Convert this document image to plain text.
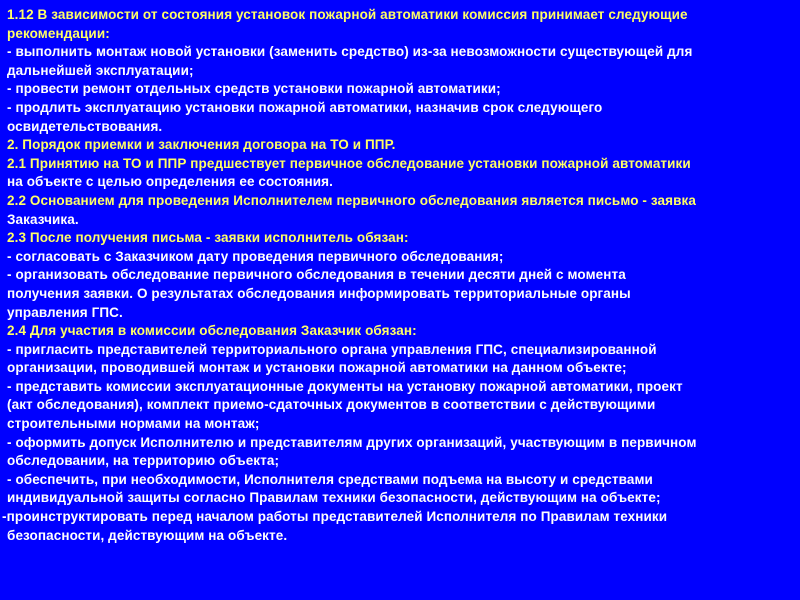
1.12 В зависимости от состояния установок пожарной автоматики комиссия принимает следующие
рекомендации:
- выполнить монтаж новой установки (заменить средство) из-за невозможности существующей для
дальнейшей эксплуатации;
- провести ремонт отдельных средств установки пожарной автоматики;
- продлить эксплуатацию установки пожарной автоматики, назначив срок следующего
освидетельствования.
2. Порядок приемки и заключения договора на ТО и ППР.
2.1 Принятию на ТО и ППР предшествует первичное обследование установки пожарной автоматики
на объекте с целью определения ее состояния.
2.2 Основанием для проведения Исполнителем первичного обследования является письмо - заявка
Заказчика.
2.3 После получения письма - заявки исполнитель обязан:
- согласовать с Заказчиком дату проведения первичного обследования;
- организовать обследование первичного обследования в течении десяти дней с момента
получения заявки. О результатах обследования информировать территориальные органы
управления ГПС.
2.4 Для участия в комиссии обследования Заказчик обязан:
- пригласить представителей территориального органа управления ГПС, специализированной
организации, проводившей монтаж и установки пожарной автоматики на данном объекте;
- представить комиссии эксплуатационные документы на установку пожарной автоматики, проект
(акт обследования), комплект приемо-сдаточных документов в соответствии с действующими
строительными нормами на монтаж;
- оформить допуск Исполнителю и представителям других организаций, участвующим в первичном
обследовании, на территорию объекта;
- обеспечить, при необходимости, Исполнителя средствами подъема на высоту и средствами
индивидуальной защиты согласно Правилам техники безопасности, действующим на объекте;
-проинструктировать перед началом работы представителей Исполнителя по Правилам техники
безопасности, действующим на объекте.
